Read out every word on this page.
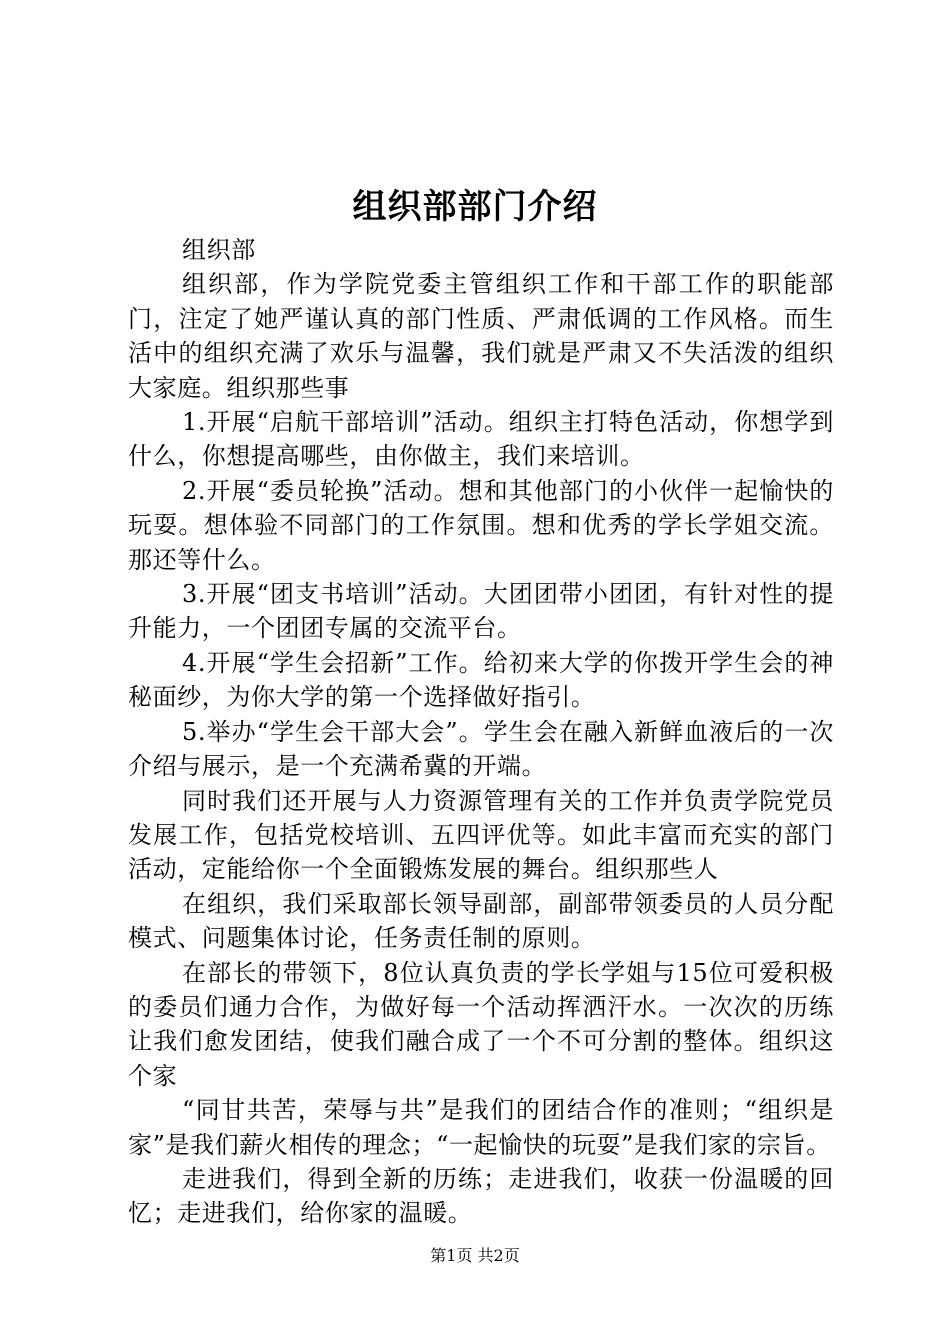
组织部部门介绍

组织部

组织部，作为学院党委主管组织工作和干部工作的职能部门，注定了她严谨认真的部门性质、严肃低调的工作风格。而生活中的组织充满了欢乐与温馨，我们就是严肃又不失活泼的组织大家庭。组织那些事

1.开展“启航干部培训”活动。组织主打特色活动，你想学到什么，你想提高哪些，由你做主，我们来培训。

2.开展“委员轮换”活动。想和其他部门的小伙伴一起愉快的玩耍。想体验不同部门的工作氛围。想和优秀的学长学姐交流。那还等什么。

3.开展“团支书培训”活动。大团团带小团团，有针对性的提升能力，一个团团专属的交流平台。

4.开展“学生会招新”工作。给初来大学的你拨开学生会的神秘面纱，为你大学的第一个选择做好指引。

5.举办“学生会干部大会”。学生会在融入新鲜血液后的一次介绍与展示，是一个充满希冀的开端。

同时我们还开展与人力资源管理有关的工作并负责学院党员发展工作，包括党校培训、五四评优等。如此丰富而充实的部门活动，定能给你一个全面锻炼发展的舞台。组织那些人

在组织，我们采取部长领导副部，副部带领委员的人员分配模式、问题集体讨论，任务责任制的原则。

在部长的带领下，8位认真负责的学长学姐与15位可爱积极的委员们通力合作，为做好每一个活动挥洒汗水。一次次的历练让我们愈发团结，使我们融合成了一个不可分割的整体。组织这个家

“同甘共苦，荣辱与共”是我们的团结合作的准则；“组织是家”是我们薪火相传的理念；“一起愉快的玩耍”是我们家的宗旨。

走进我们，得到全新的历练；走进我们，收获一份温暖的回忆；走进我们，给你家的温暖。

第1页 共2页
